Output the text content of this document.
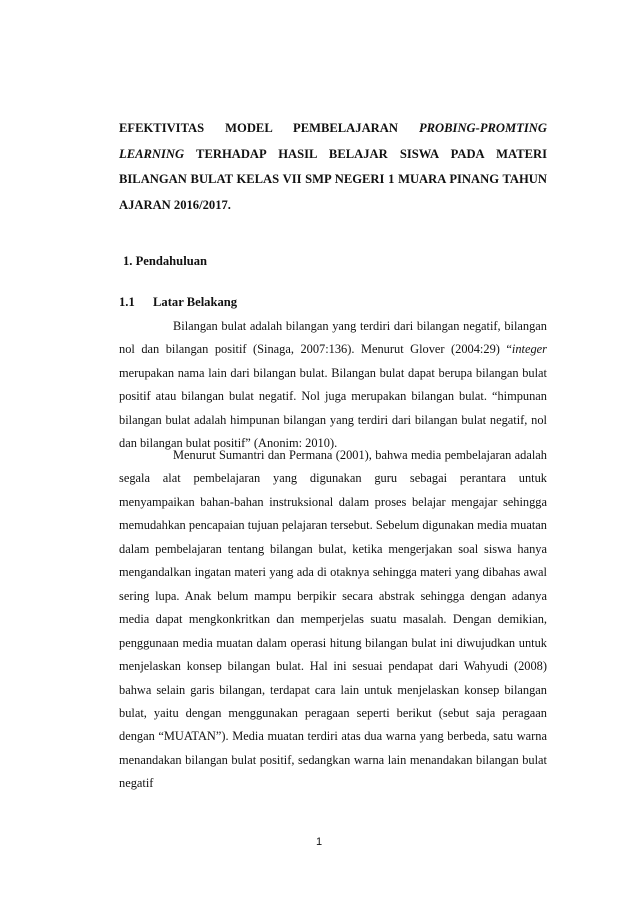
EFEKTIVITAS MODEL PEMBELAJARAN PROBING-PROMTING LEARNING TERHADAP HASIL BELAJAR SISWA PADA MATERI BILANGAN BULAT KELAS VII SMP NEGERI 1 MUARA PINANG TAHUN AJARAN 2016/2017.

1. Pendahuluan

1.1 Latar Belakang

Bilangan bulat adalah bilangan yang terdiri dari bilangan negatif, bilangan nol dan bilangan positif (Sinaga, 2007:136). Menurut Glover (2004:29) “integer merupakan nama lain dari bilangan bulat. Bilangan bulat dapat berupa bilangan bulat positif atau bilangan bulat negatif. Nol juga merupakan bilangan bulat. “himpunan bilangan bulat adalah himpunan bilangan yang terdiri dari bilangan bulat negatif, nol dan bilangan bulat positif” (Anonim: 2010).

Menurut Sumantri dan Permana (2001), bahwa media pembelajaran adalah segala alat pembelajaran yang digunakan guru sebagai perantara untuk menyampaikan bahan-bahan instruksional dalam proses belajar mengajar sehingga memudahkan pencapaian tujuan pelajaran tersebut. Sebelum digunakan media muatan dalam pembelajaran tentang bilangan bulat, ketika mengerjakan soal siswa hanya mengandalkan ingatan materi yang ada di otaknya sehingga materi yang dibahas awal sering lupa. Anak belum mampu berpikir secara abstrak sehingga dengan adanya media dapat mengkonkritkan dan memperjelas suatu masalah. Dengan demikian, penggunaan media muatan dalam operasi hitung bilangan bulat ini diwujudkan untuk menjelaskan konsep bilangan bulat. Hal ini sesuai pendapat dari Wahyudi (2008) bahwa selain garis bilangan, terdapat cara lain untuk menjelaskan konsep bilangan bulat, yaitu dengan menggunakan peragaan seperti berikut (sebut saja peragaan dengan “MUATAN”). Media muatan terdiri atas dua warna yang berbeda, satu warna menandakan bilangan bulat positif, sedangkan warna lain menandakan bilangan bulat negatif

1
